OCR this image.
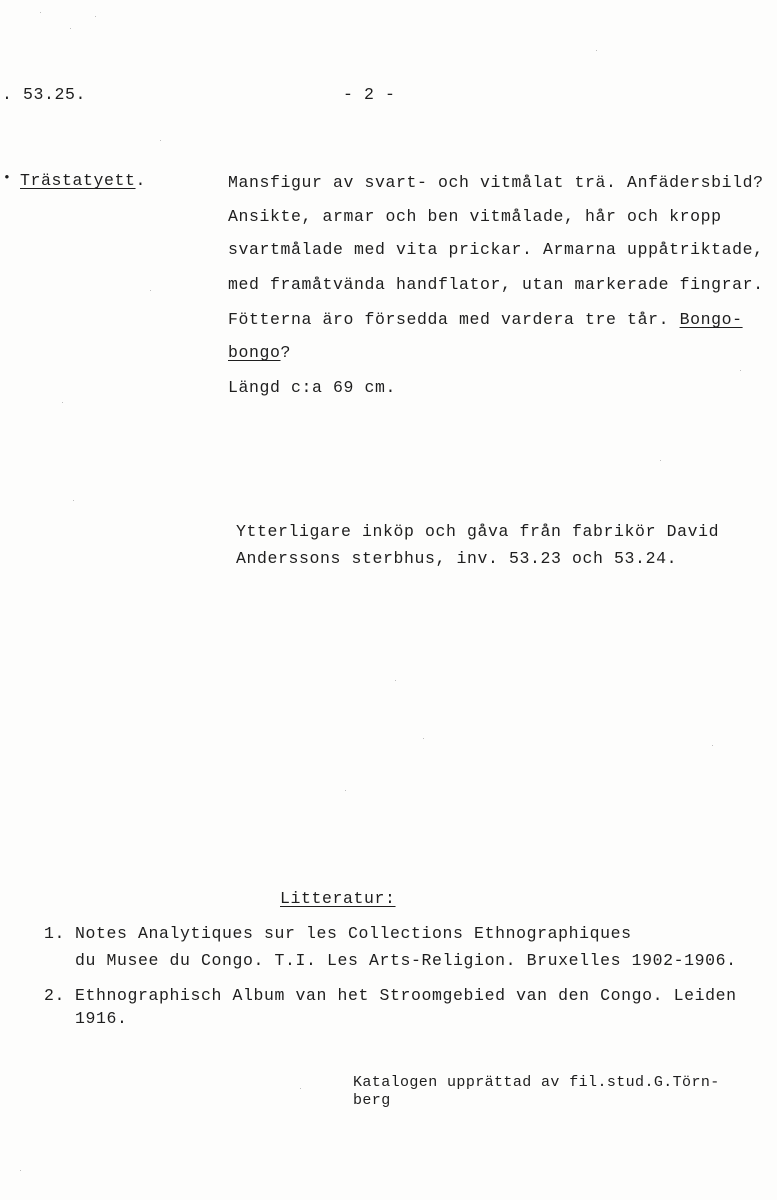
. 53.25.	- 2 -
• Trästatyett.	Mansfigur av svart- och vitmålat trä. Anfädersbild?
Ansikte, armar och ben vitmålade, hår och kropp
svartmålade med vita prickar. Armarna uppåtriktade,
med framåtvända handflator, utan markerade fingrar.
Fötterna äro försedda med vardera tre tår. Bongo-
bongo?
Längd c:a 69 cm.
Ytterligare inköp och gåva från fabrikör David
Anderssons sterbhus, inv. 53.23 och 53.24.
Litteratur:
1. Notes Analytiques sur les Collections Ethnographiques
du Musee du Congo. T.I. Les Arts-Religion. Bruxelles 1902-1906.
2. Ethnographisch Album van het Stroomgebied van den Congo. Leiden
1916.
Katalogen upprättad av fil.stud.G.Törn-
berg
